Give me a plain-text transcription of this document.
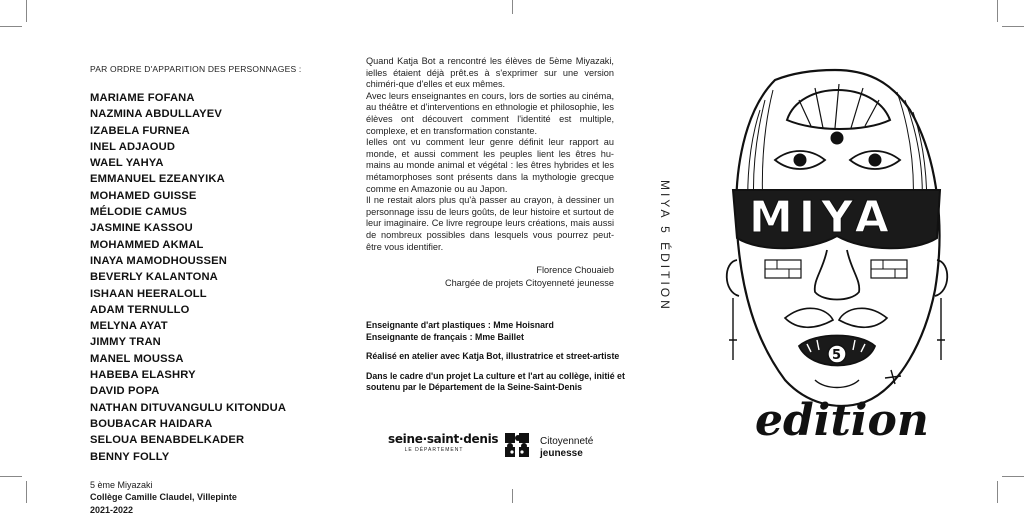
PAR ORDRE D'APPARITION DES PERSONNAGES :
MARIAME FOFANA
NAZMINA ABDULLAYEV
IZABELA FURNEA
INEL ADJAOUD
WAEL YAHYA
EMMANUEL EZEANYIKA
MOHAMED GUISSE
MÉLODIE CAMUS
JASMINE KASSOU
MOHAMMED AKMAL
INAYA MAMODHOUSSEN
BEVERLY KALANTONA
ISHAAN HEERALOLL
ADAM TERNULLO
MELYNA AYAT
JIMMY TRAN
MANEL MOUSSA
HABEBA ELASHRY
DAVID POPA
NATHAN DITUVANGULU KITONDUA
BOUBACAR HAIDARA
SELOUA BENABDELKADER
BENNY FOLLY
5 ème Miyazaki
Collège Camille Claudel, Villepinte
2021-2022

Quand Katja Bot a rencontré les élèves de 5ème Miyazaki, ielles étaient déjà prêt.es à s'exprimer sur une version chiméri-que d'elles et eux mêmes.

Avec leurs enseignantes en cours, lors de sorties au cinéma, au théâtre et d'interventions en ethnologie et philosophie, les élèves ont découvert comment l'identité est multiple, complexe, et en transformation constante.

Ielles ont vu comment leur genre définit leur rapport au monde, et aussi comment les peuples lient les êtres hu-mains au monde animal et végétal : les êtres hybrides et les métamorphoses sont présents dans la mythologie grecque comme en Amazonie ou au Japon.

Il ne restait alors plus qu'à passer au crayon, à dessiner un personnage issu de leurs goûts, de leur histoire et surtout de leur imaginaire. Ce livre regroupe leurs créations, mais aussi de nombreux possibles dans lesquels vous pourrez peut-être vous identifier.

Florence Chouaieb
Chargée de projets Citoyenneté jeunesse

Enseignante d'art plastiques : Mme Hoisnard

Enseignante de français : Mme Baillet

Réalisé en atelier avec Katja Bot, illustratrice et street-artiste

Dans le cadre d'un projet La culture et l'art au collège, initié et soutenu par le Département de la Seine-Saint-Denis

seine·saint·denis
LE DÉPARTEMENT
Citoyenneté
jeunesse
MIYA 5 ÉDITION MIYA
5
edition
